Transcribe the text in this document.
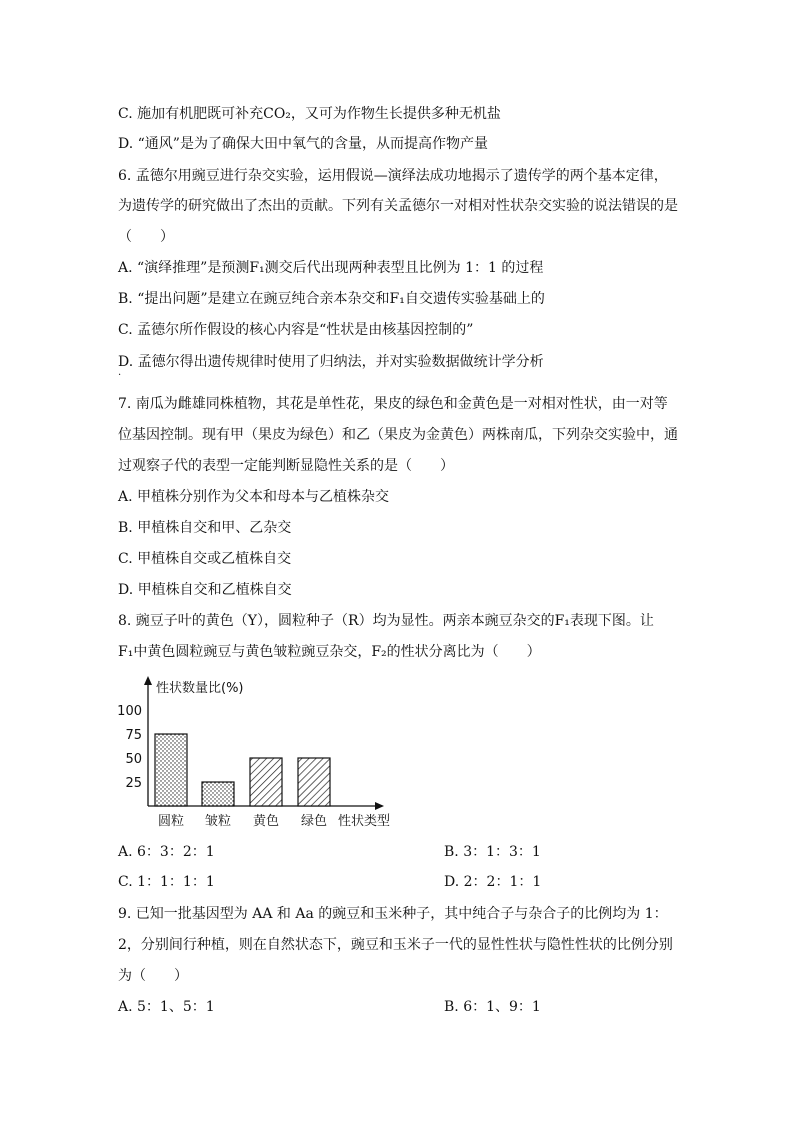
C. 施加有机肥既可补充CO₂，又可为作物生长提供多种无机盐
D. “通风”是为了确保大田中氧气的含量，从而提高作物产量
6. 孟德尔用豌豆进行杂交实验，运用假说—演绎法成功地揭示了遗传学的两个基本定律，
为遗传学的研究做出了杰出的贡献。下列有关孟德尔一对相对性状杂交实验的说法错误的是
（　　）
A. “演绎推理”是预测F₁测交后代出现两种表型且比例为 1：1 的过程
B. “提出问题”是建立在豌豆纯合亲本杂交和F₁自交遗传实验基础上的
C. 孟德尔所作假设的核心内容是“性状是由核基因控制的”
D. 孟德尔得出遗传规律时使用了归纳法，并对实验数据做统计学分析
.
7. 南瓜为雌雄同株植物，其花是单性花，果皮的绿色和金黄色是一对相对性状，由一对等
位基因控制。现有甲（果皮为绿色）和乙（果皮为金黄色）两株南瓜，下列杂交实验中，通
过观察子代的表型一定能判断显隐性关系的是（　　）
A. 甲植株分别作为父本和母本与乙植株杂交
B. 甲植株自交和甲、乙杂交
C. 甲植株自交或乙植株自交
D. 甲植株自交和乙植株自交
8. 豌豆子叶的黄色（Y），圆粒种子（R）均为显性。两亲本豌豆杂交的F₁表现下图。让
F₁中黄色圆粒豌豆与黄色皱粒豌豆杂交，F₂的性状分离比为（　　）
性状数量比(%)
性状类型
100
75
50
25
圆粒 皱粒 黄色 绿色
A. 6：3：2：1	B. 3：1：3：1
C. 1：1：1：1	D. 2：2：1：1
9. 已知一批基因型为 AA 和 Aa 的豌豆和玉米种子，其中纯合子与杂合子的比例均为 1：
2，分别间行种植，则在自然状态下，豌豆和玉米子一代的显性性状与隐性性状的比例分别
为（　　）
A. 5：1、5：1	B. 6：1、9：1
